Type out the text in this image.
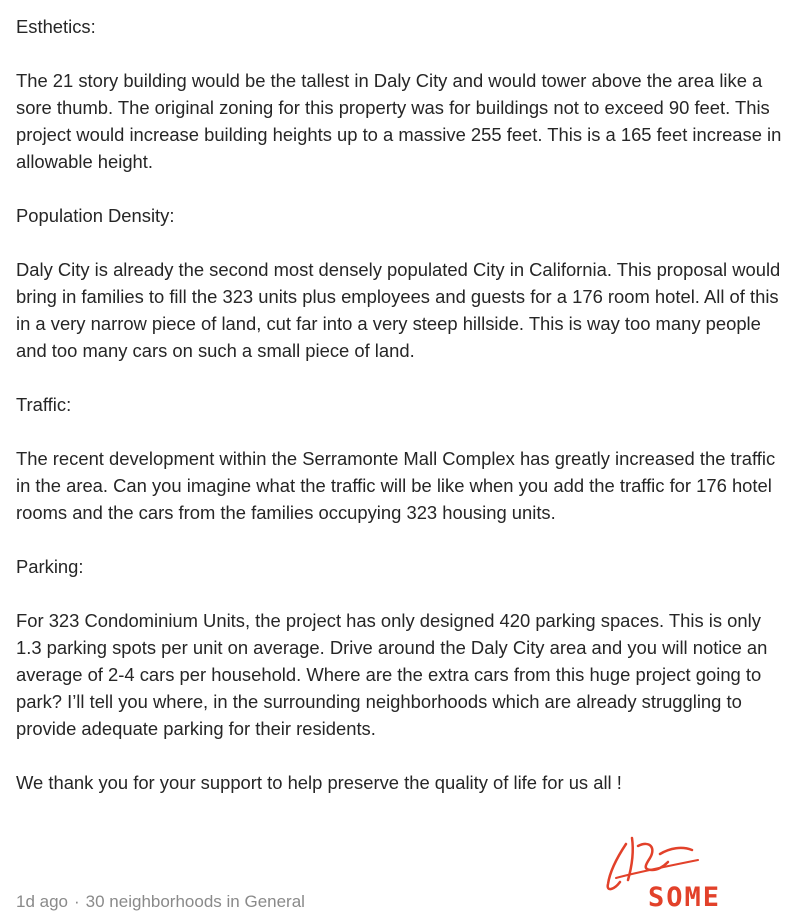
Esthetics:

The 21 story building would be the tallest in Daly City and would tower above the area like a sore thumb. The original zoning for this property was for buildings not to exceed 90 feet. This project would increase building heights up to a massive 255 feet. This is a 165 feet increase in allowable height.

Population Density:

Daly City is already the second most densely populated City in California. This proposal would bring in families to fill the 323 units plus employees and guests for a 176 room hotel. All of this in a very narrow piece of land, cut far into a very steep hillside. This is way too many people and too many cars on such a small piece of land.

Traffic:

The recent development within the Serramonte Mall Complex has greatly increased the traffic in the area. Can you imagine what the traffic will be like when you add the traffic for 176 hotel rooms and the cars from the families occupying 323 housing units.

Parking:

For 323 Condominium Units, the project has only designed 420 parking spaces. This is only 1.3 parking spots per unit on average. Drive around the Daly City area and you will notice an average of 2-4 cars per household. Where are the extra cars from this huge project going to park? I’ll tell you where, in the surrounding neighborhoods which are already struggling to provide adequate parking for their residents.

We thank you for your support to help preserve the quality of life for us all !

1d ago · 30 neighborhoods in General	SOME
